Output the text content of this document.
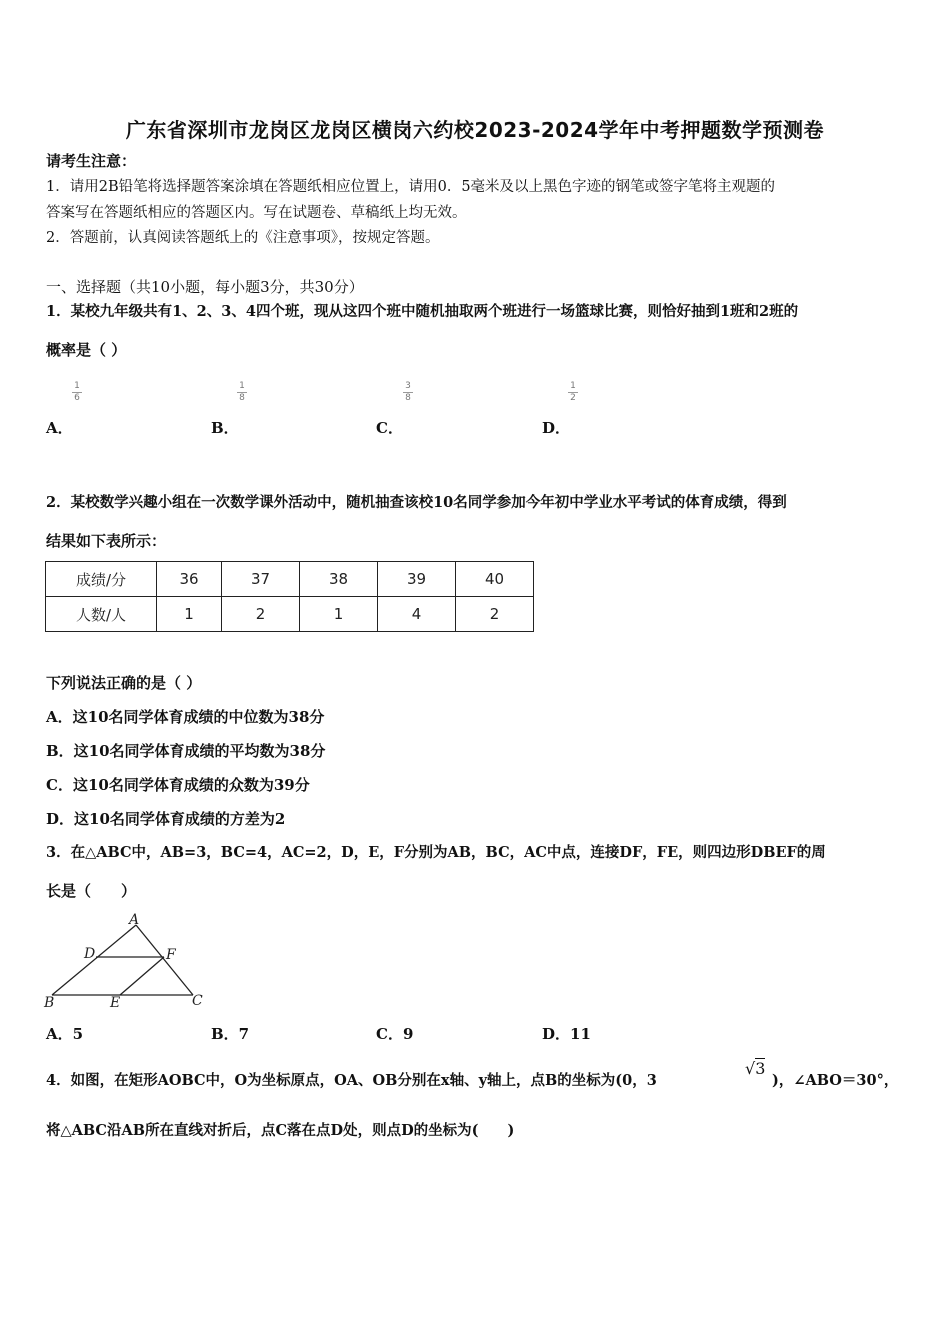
广东省深圳市龙岗区龙岗区横岗六约校2023-2024学年中考押题数学预测卷
请考生注意：
1．请用2B铅笔将选择题答案涂填在答题纸相应位置上，请用0．5毫米及以上黑色字迹的钢笔或签字笔将主观题的
答案写在答题纸相应的答题区内。写在试题卷、草稿纸上均无效。
2．答题前，认真阅读答题纸上的《注意事项》，按规定答题。
一、选择题（共10小题，每小题3分，共30分）
1．某校九年级共有1、2、3、4四个班，现从这四个班中随机抽取两个班进行一场篮球比赛，则恰好抽到1班和2班的
概率是（ ）
1
6
1
8
3
8
1
2
A．	B．	C．	D．
2．某校数学兴趣小组在一次数学课外活动中，随机抽查该校10名同学参加今年初中学业水平考试的体育成绩，得到
结果如下表所示：
成绩/分	36	37	38	39	40
人数/人	1	2	1	4	2
下列说法正确的是（ ）
A．这10名同学体育成绩的中位数为38分
B．这10名同学体育成绩的平均数为38分
C．这10名同学体育成绩的众数为39分
D．这10名同学体育成绩的方差为2
3．在△ABC中，AB=3，BC=4，AC=2，D，E，F分别为AB，BC，AC中点，连接DF，FE，则四边形DBEF的周
长是（　　）
A
D	F
B	E	C
A．5	B．7	C．9	D．11
4．如图，在矩形AOBC中，O为坐标原点，OA、OB分别在x轴、y轴上，点B的坐标为(0，3
√3
)，∠ABO＝30°，
将△ABC沿AB所在直线对折后，点C落在点D处，则点D的坐标为(　　)
